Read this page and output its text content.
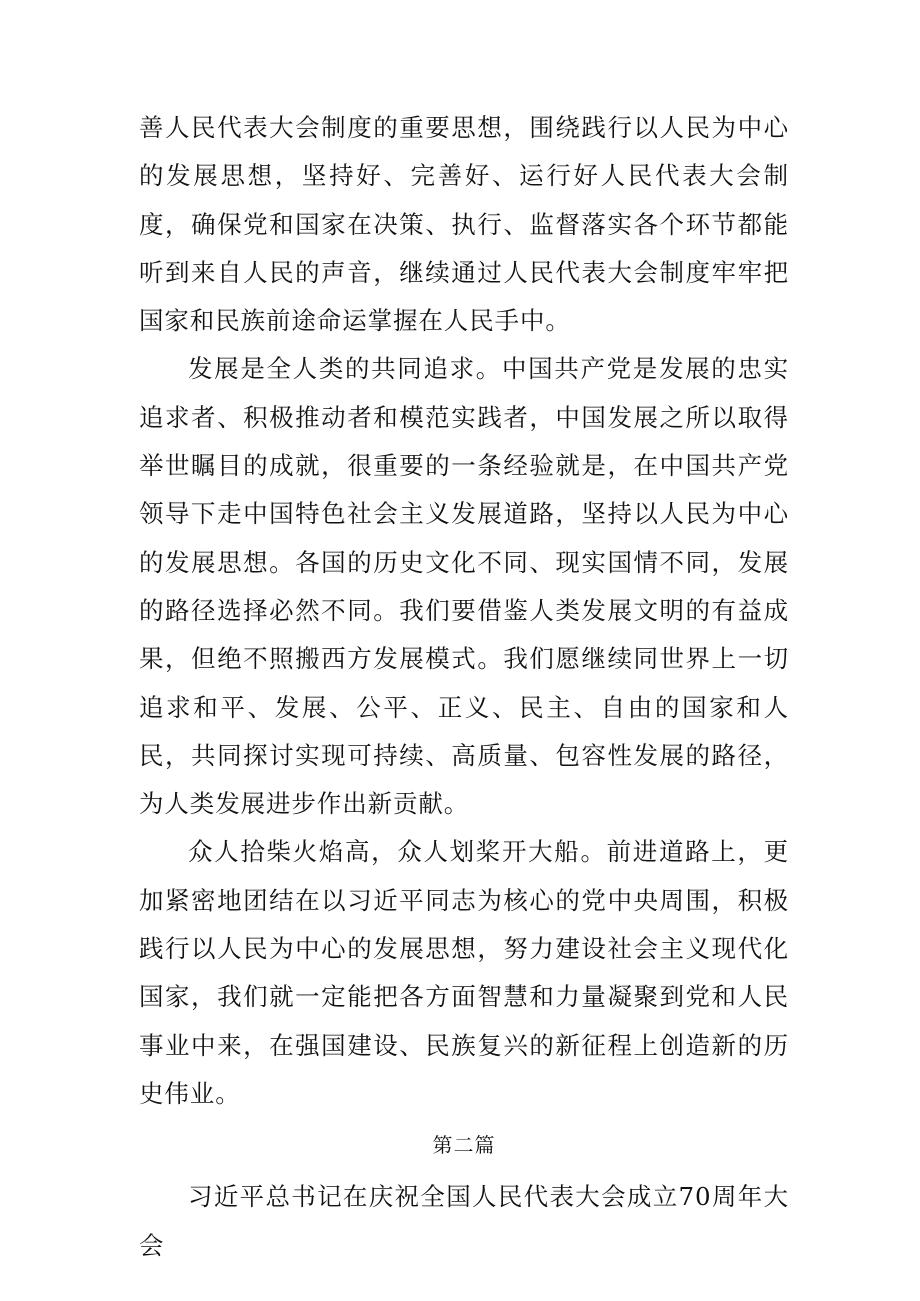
善人民代表大会制度的重要思想，围绕践行以人民为中心的发展思想，坚持好、完善好、运行好人民代表大会制度，确保党和国家在决策、执行、监督落实各个环节都能听到来自人民的声音，继续通过人民代表大会制度牢牢把国家和民族前途命运掌握在人民手中。

发展是全人类的共同追求。中国共产党是发展的忠实追求者、积极推动者和模范实践者，中国发展之所以取得举世瞩目的成就，很重要的一条经验就是，在中国共产党领导下走中国特色社会主义发展道路，坚持以人民为中心的发展思想。各国的历史文化不同、现实国情不同，发展的路径选择必然不同。我们要借鉴人类发展文明的有益成果，但绝不照搬西方发展模式。我们愿继续同世界上一切追求和平、发展、公平、正义、民主、自由的国家和人民，共同探讨实现可持续、高质量、包容性发展的路径，为人类发展进步作出新贡献。

众人拾柴火焰高，众人划桨开大船。前进道路上，更加紧密地团结在以习近平同志为核心的党中央周围，积极践行以人民为中心的发展思想，努力建设社会主义现代化国家，我们就一定能把各方面智慧和力量凝聚到党和人民事业中来，在强国建设、民族复兴的新征程上创造新的历史伟业。

第二篇

习近平总书记在庆祝全国人民代表大会成立70周年大会
